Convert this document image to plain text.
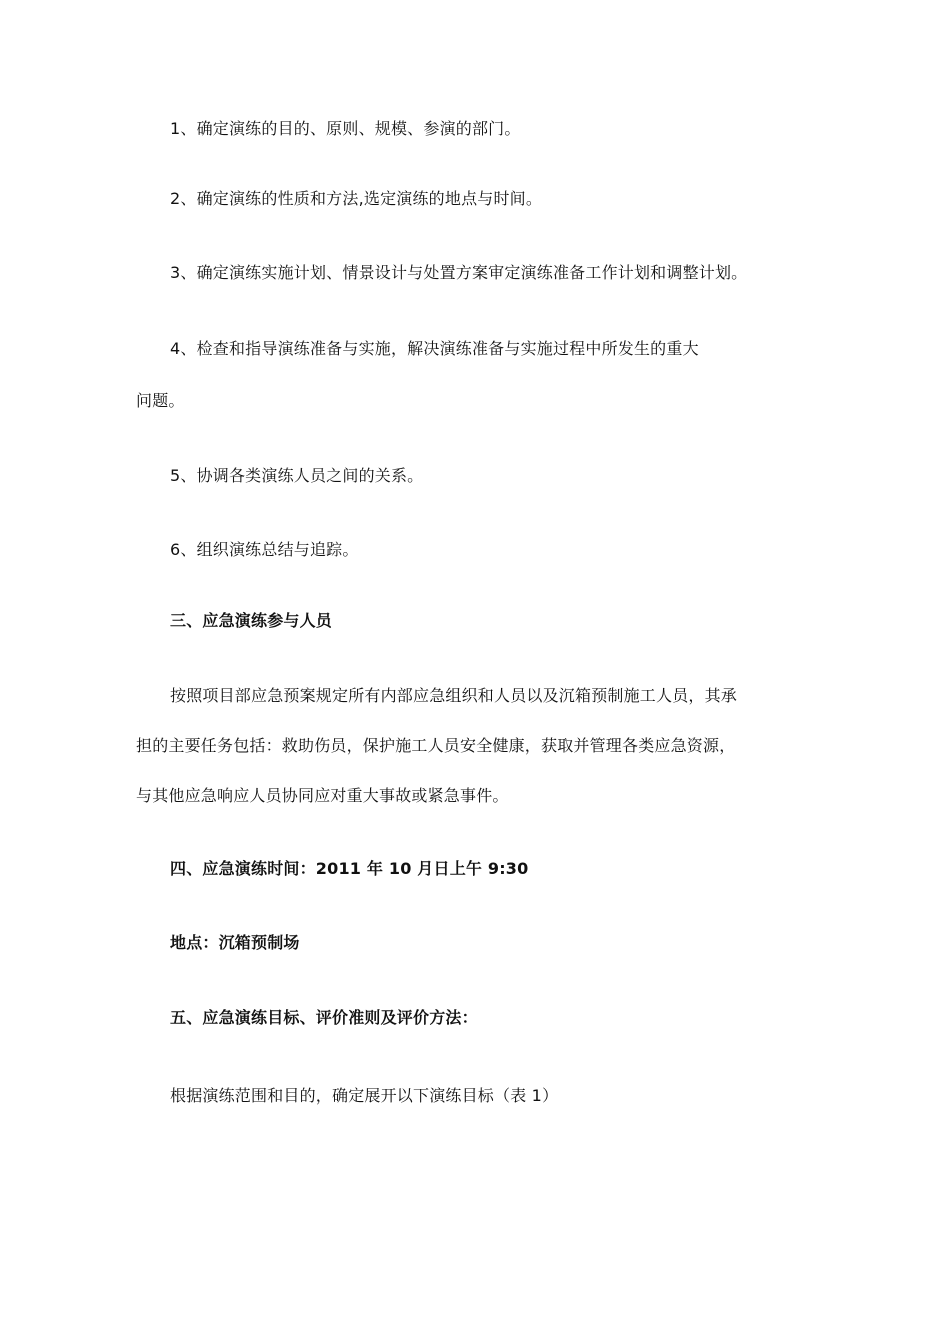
1、确定演练的目的、原则、规模、参演的部门。
2、确定演练的性质和方法,选定演练的地点与时间。
3、确定演练实施计划、情景设计与处置方案审定演练准备工作计划和调整计划。
4、检查和指导演练准备与实施，解决演练准备与实施过程中所发生的重大
问题。
5、协调各类演练人员之间的关系。
6、组织演练总结与追踪。
三、应急演练参与人员
按照项目部应急预案规定所有内部应急组织和人员以及沉箱预制施工人员，其承
担的主要任务包括：救助伤员，保护施工人员安全健康，获取并管理各类应急资源，
与其他应急响应人员协同应对重大事故或紧急事件。
四、应急演练时间：2011 年 10 月日上午 9:30
地点：沉箱预制场
五、应急演练目标、评价准则及评价方法：
根据演练范围和目的，确定展开以下演练目标（表 1）
